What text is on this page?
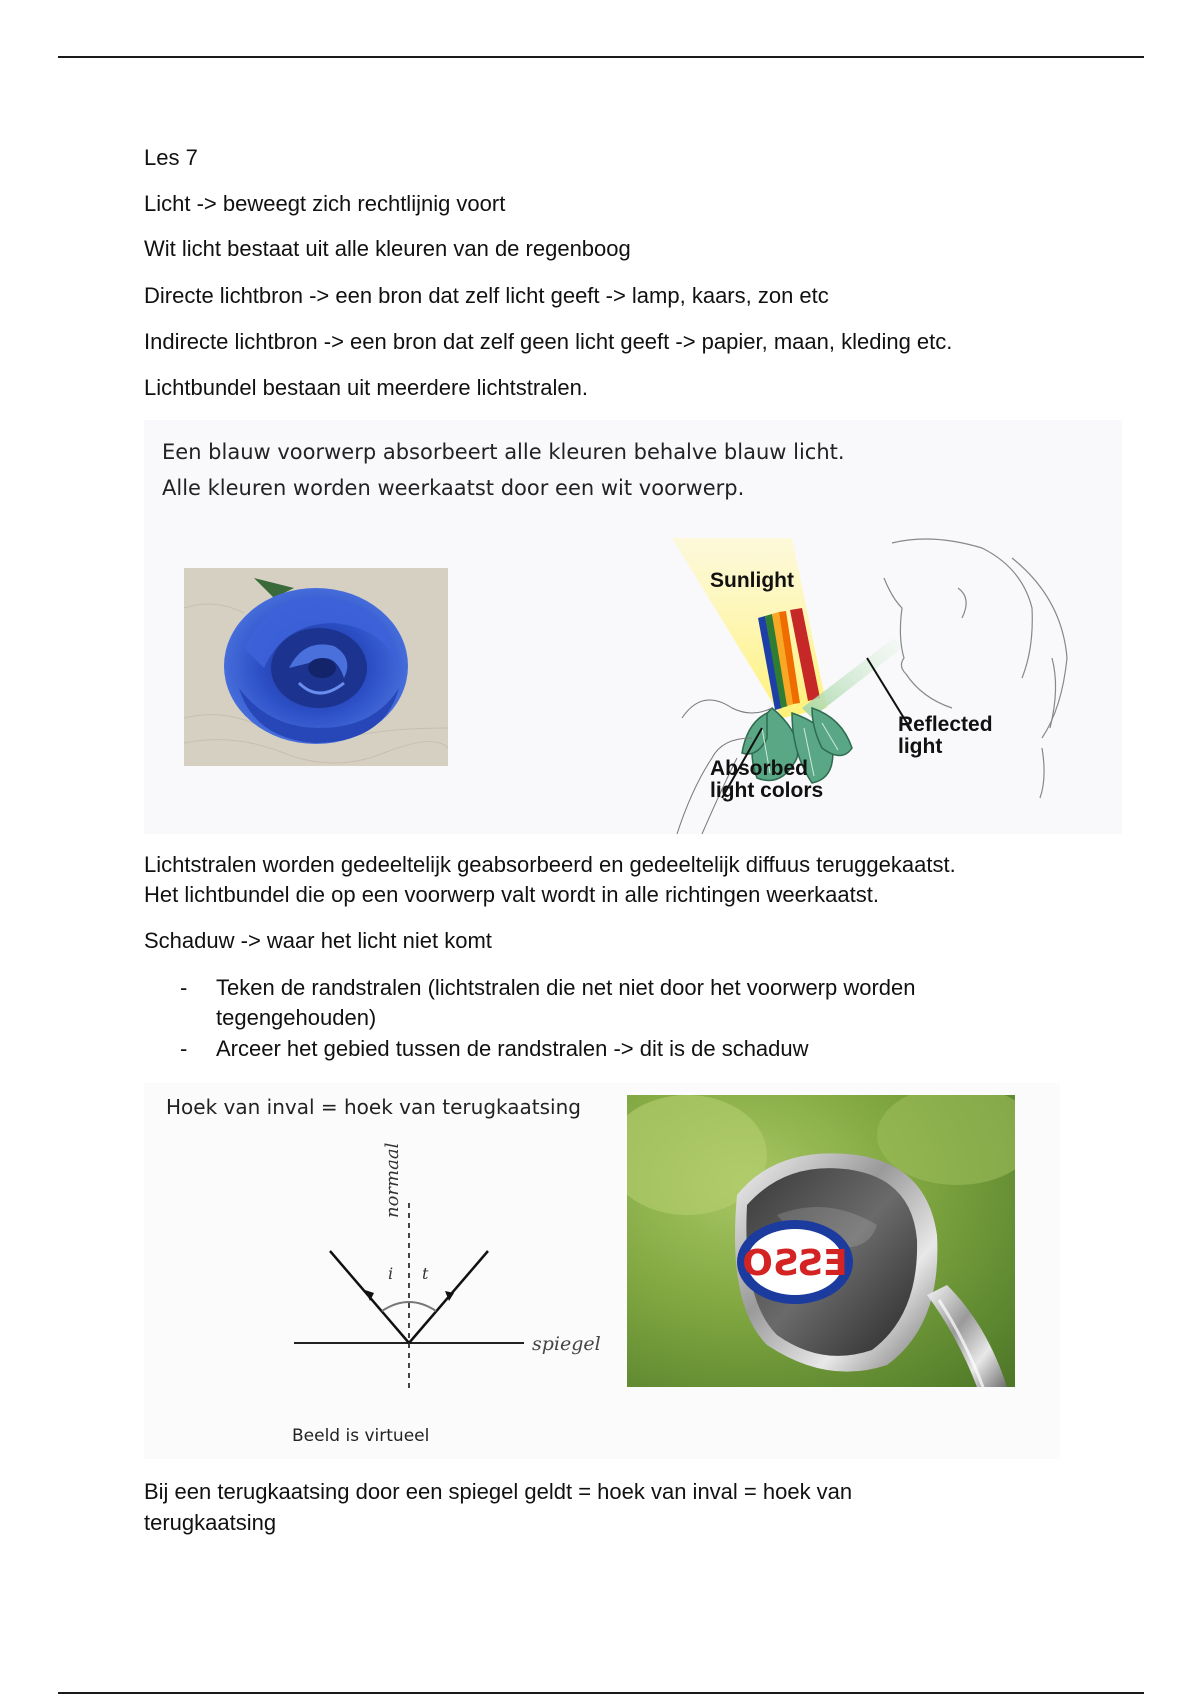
Les 7
Licht -> beweegt zich rechtlijnig voort
Wit licht bestaat uit alle kleuren van de regenboog
Directe lichtbron -> een bron dat zelf licht geeft -> lamp, kaars, zon etc
Indirecte lichtbron -> een bron dat zelf geen licht geeft -> papier, maan, kleding etc.
Lichtbundel bestaan uit meerdere lichtstralen.
Een blauw voorwerp absorbeert alle kleuren behalve blauw licht.
Alle kleuren worden weerkaatst door een wit voorwerp.
Sunlight
Reflected
light
Absorbed
light colors
Lichtstralen worden gedeeltelijk geabsorbeerd en gedeeltelijk diffuus teruggekaatst.
Het lichtbundel die op een voorwerp valt wordt in alle richtingen weerkaatst.
Schaduw -> waar het licht niet komt
- Teken de randstralen (lichtstralen die net niet door het voorwerp worden tegengehouden)
- Arceer het gebied tussen de randstralen -> dit is de schaduw
Hoek van inval = hoek van terugkaatsing
normaal
i t
spiegel
ESSO
Beeld is virtueel
Bij een terugkaatsing door een spiegel geldt = hoek van inval = hoek van
terugkaatsing
